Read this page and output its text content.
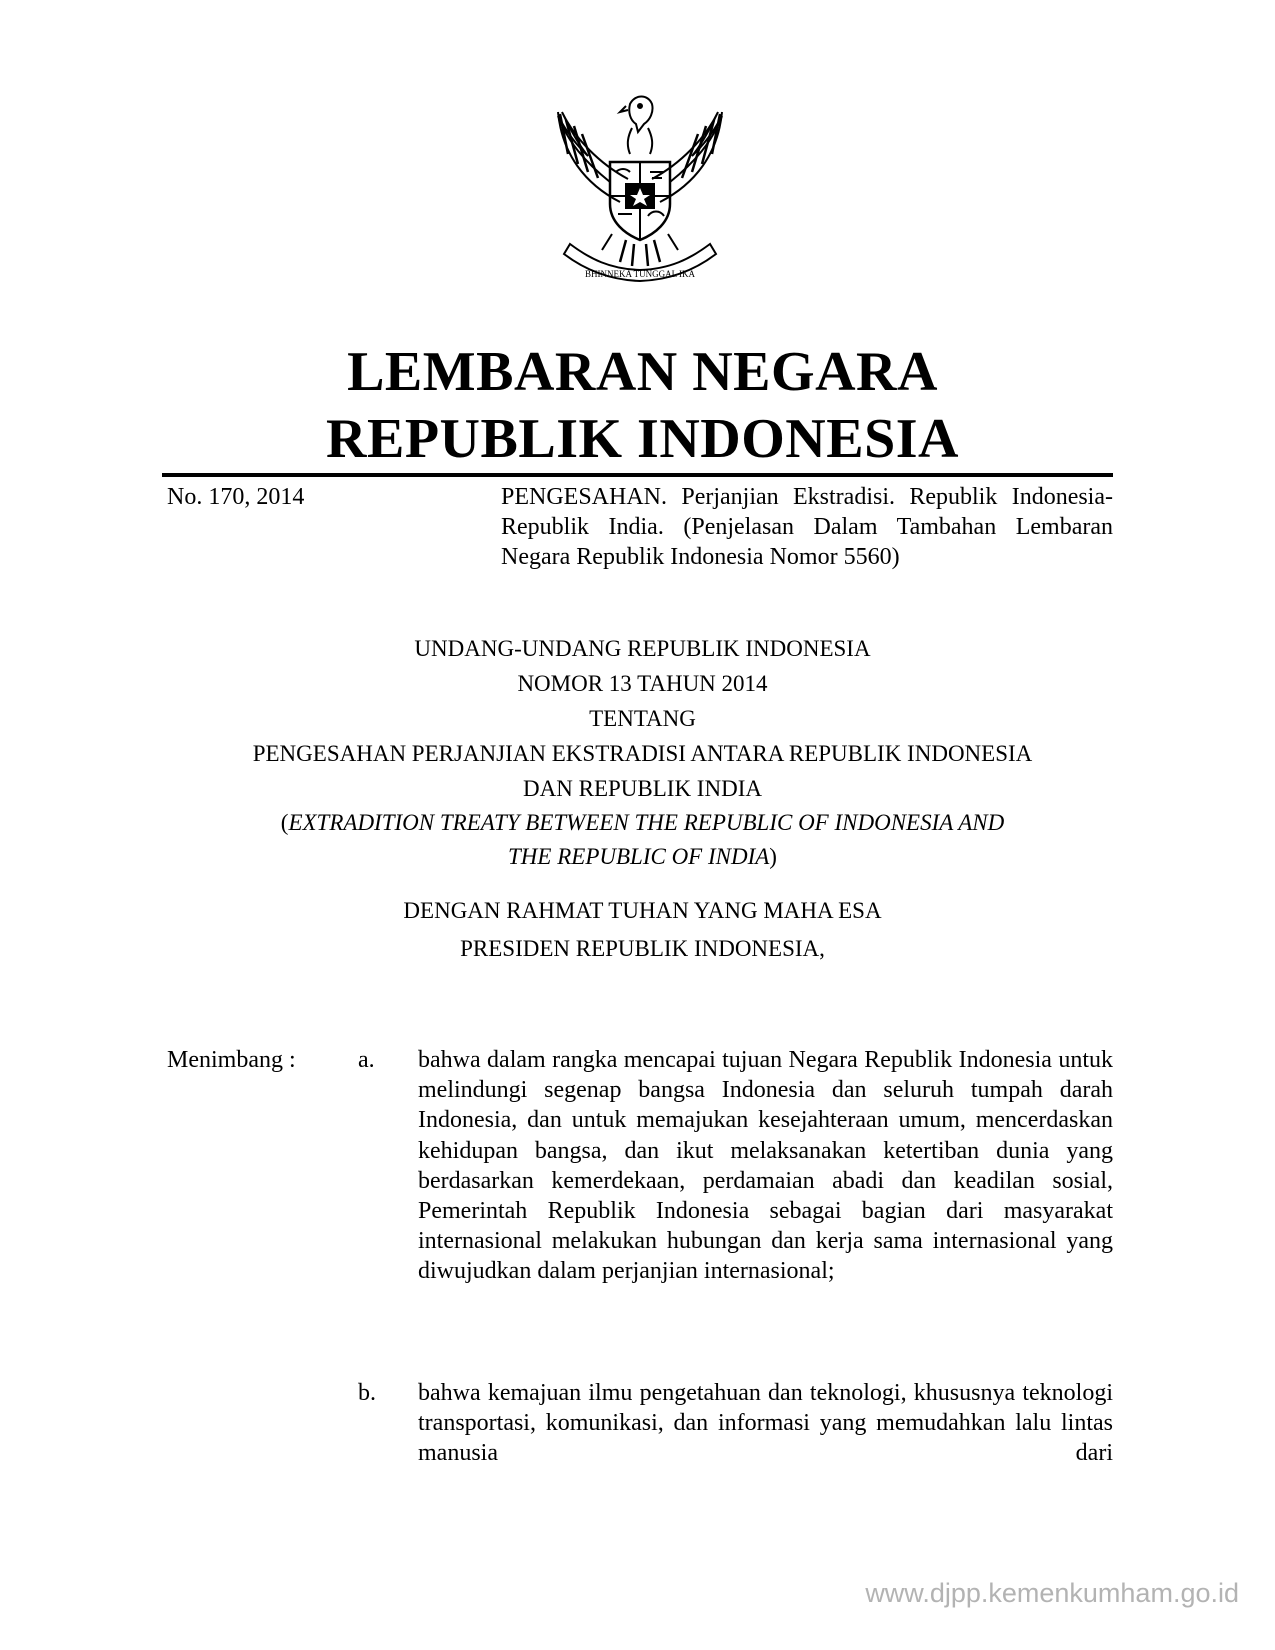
BHINNEKA TUNGGAL IKA
LEMBARAN NEGARA
REPUBLIK INDONESIA
No. 170, 2014	PENGESAHAN. Perjanjian Ekstradisi. Republik Indonesia-Republik India. (Penjelasan Dalam Tambahan Lembaran Negara Republik Indonesia Nomor 5560)
UNDANG-UNDANG REPUBLIK INDONESIA
NOMOR 13 TAHUN 2014
TENTANG
PENGESAHAN PERJANJIAN EKSTRADISI ANTARA REPUBLIK INDONESIA
DAN REPUBLIK INDIA
(EXTRADITION TREATY BETWEEN THE REPUBLIC OF INDONESIA AND
THE REPUBLIC OF INDIA)
DENGAN RAHMAT TUHAN YANG MAHA ESA
PRESIDEN REPUBLIK INDONESIA,
Menimbang :	a. bahwa dalam rangka mencapai tujuan Negara Republik Indonesia untuk melindungi segenap bangsa Indonesia dan seluruh tumpah darah Indonesia, dan untuk memajukan kesejahteraan umum, mencerdaskan kehidupan bangsa, dan ikut melaksanakan ketertiban dunia yang berdasarkan kemerdekaan, perdamaian abadi dan keadilan sosial, Pemerintah Republik Indonesia sebagai bagian dari masyarakat internasional melakukan hubungan dan kerja sama internasional yang diwujudkan dalam perjanjian internasional;
b. bahwa kemajuan ilmu pengetahuan dan teknologi, khususnya teknologi transportasi, komunikasi, dan informasi yang memudahkan lalu lintas manusia dari
www.djpp.kemenkumham.go.id
